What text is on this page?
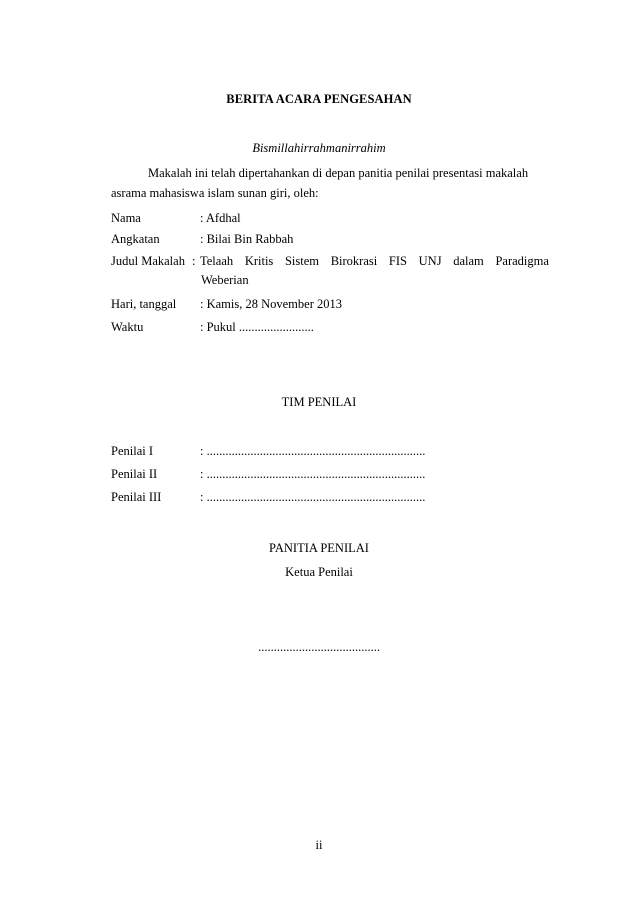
BERITA ACARA PENGESAHAN
Bismillahirrahmanirrahim
Makalah ini telah dipertahankan di depan panitia penilai presentasi makalah
asrama mahasiswa islam sunan giri, oleh:
Nama	: Afdhal
Angkatan	: Bilai Bin Rabbah
Judul Makalah : Telaah Kritis Sistem Birokrasi FIS UNJ dalam Paradigma
Weberian
Hari, tanggal : Kamis, 28 November 2013
Waktu	: Pukul ........................
TIM PENILAI
Penilai I	: ......................................................................
Penilai II	: ......................................................................
Penilai III	: ......................................................................
PANITIA PENILAI
Ketua Penilai
.......................................
ii
